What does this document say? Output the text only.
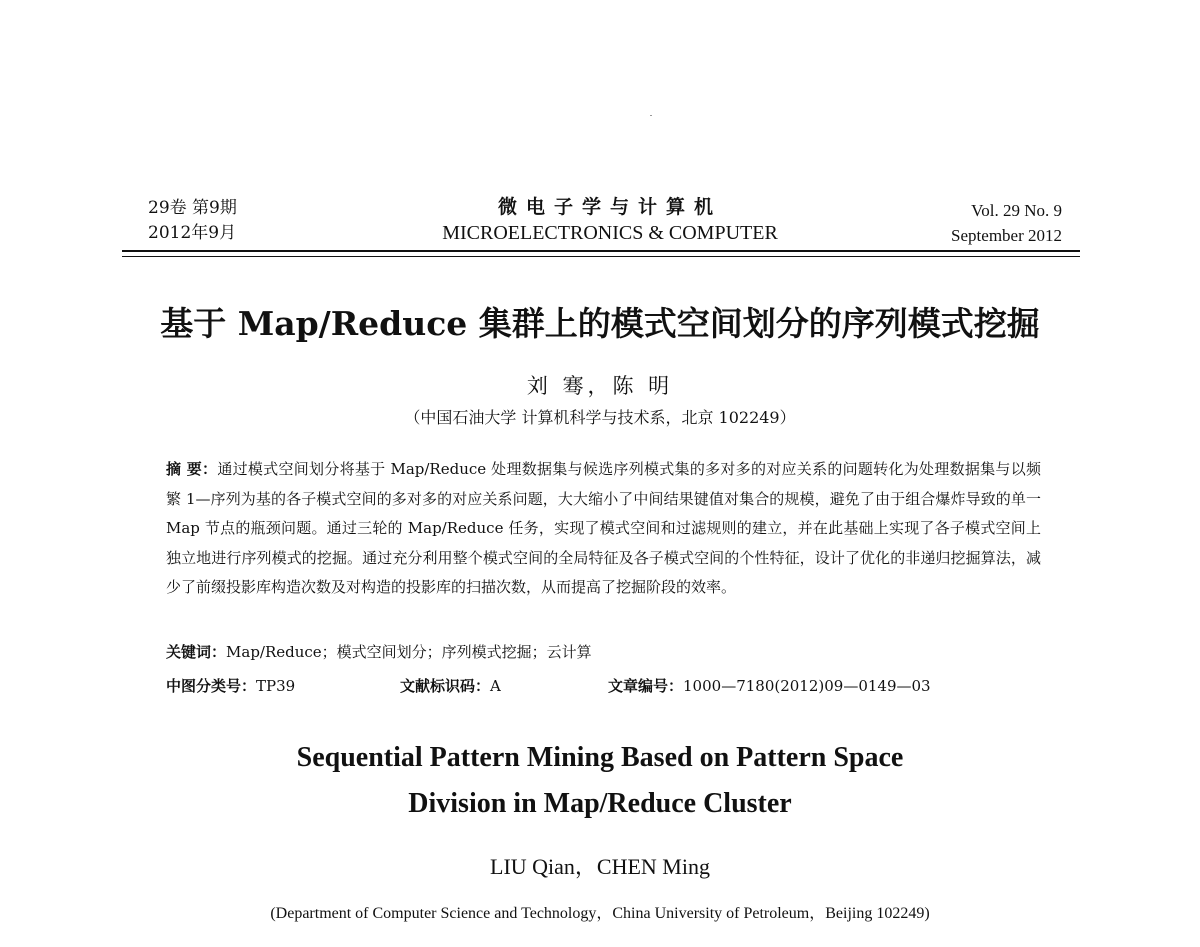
29卷 第9期
2012年9月
微电子学与计算机
MICROELECTRONICS & COMPUTER
Vol. 29 No. 9
September 2012
基于 Map/Reduce 集群上的模式空间划分的序列模式挖掘
刘 骞，陈 明
（中国石油大学 计算机科学与技术系，北京 102249）
摘 要：通过模式空间划分将基于 Map/Reduce 处理数据集与候选序列模式集的多对多的对应关系的问题转化为处理数据集与以频繁 1—序列为基的各子模式空间的多对多的对应关系问题，大大缩小了中间结果键值对集合的规模，避免了由于组合爆炸导致的单一 Map 节点的瓶颈问题。通过三轮的 Map/Reduce 任务，实现了模式空间和过滤规则的建立，并在此基础上实现了各子模式空间上独立地进行序列模式的挖掘。通过充分利用整个模式空间的全局特征及各子模式空间的个性特征，设计了优化的非递归挖掘算法，减少了前缀投影库构造次数及对构造的投影库的扫描次数，从而提高了挖掘阶段的效率。
关键词：Map/Reduce；模式空间划分；序列模式挖掘；云计算
中图分类号：TP39	文献标识码：A	文章编号：1000—7180(2012)09—0149—03
Sequential Pattern Mining Based on Pattern Space
Division in Map/Reduce Cluster
LIU Qian，CHEN Ming
(Department of Computer Science and Technology，China University of Petroleum，Beijing 102249)
